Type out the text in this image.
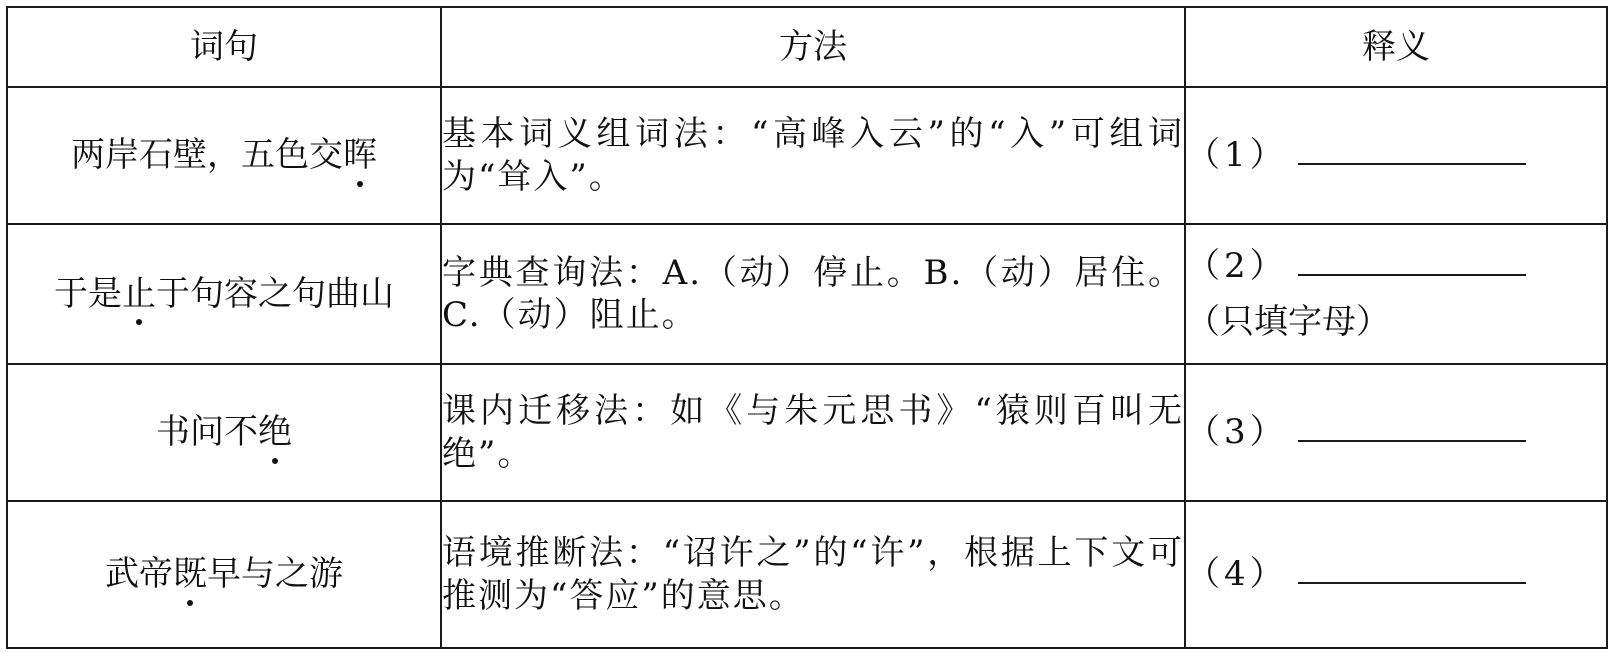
词句	方法	释义
两岸石壁，五色交晖	基本词义组词法：“高峰入云”的“入”可组词为“耸入”。	（1）
于是止于句容之句曲山	字典查询法：A.（动）停止。B.（动）居住。C.（动）阻止。	（2）
（只填字母）

书问不绝	课内迁移法：如《与朱元思书》“猿则百叫无绝”。	（3）
武帝既早与之游	语境推断法：“诏许之”的“许”，根据上下文可推测为“答应”的意思。	（4）
